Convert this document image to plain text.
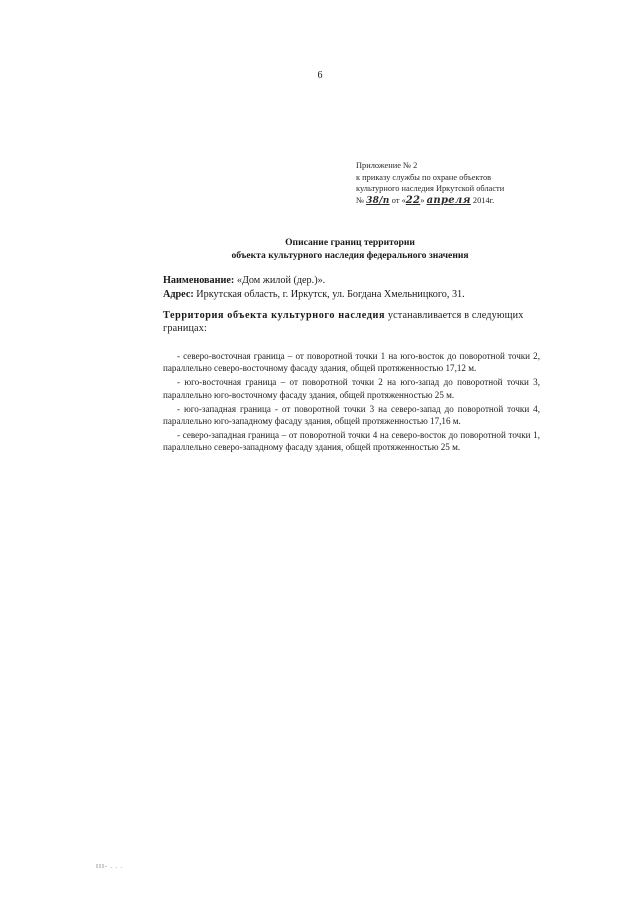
6
Приложение № 2
к приказу службы по охране объектов
культурного наследия Иркутской области
№ 38/п от «22» апреля 2014г.
Описание границ территории
объекта культурного наследия федерального значения
Наименование: «Дом жилой (дер.)».
Адрес: Иркутская область, г. Иркутск, ул. Богдана Хмельницкого, 31.
Территория объекта культурного наследия устанавливается в следующих границах:

- северо-восточная граница – от поворотной точки 1 на юго-восток до поворотной точки 2, параллельно северо-восточному фасаду здания, общей протяженностью 17,12 м.

- юго-восточная граница – от поворотной точки 2 на юго-запад до поворотной точки 3, параллельно юго-восточному фасаду здания, общей протяженностью 25 м.

- юго-западная граница - от поворотной точки 3 на северо-запад до поворотной точки 4, параллельно юго-западному фасаду здания, общей протяженностью 17,16 м.

- северо-западная граница – от поворотной точки 4 на северо-восток до поворотной точки 1, параллельно северо-западному фасаду здания, общей протяженностью 25 м.

III- . . .
